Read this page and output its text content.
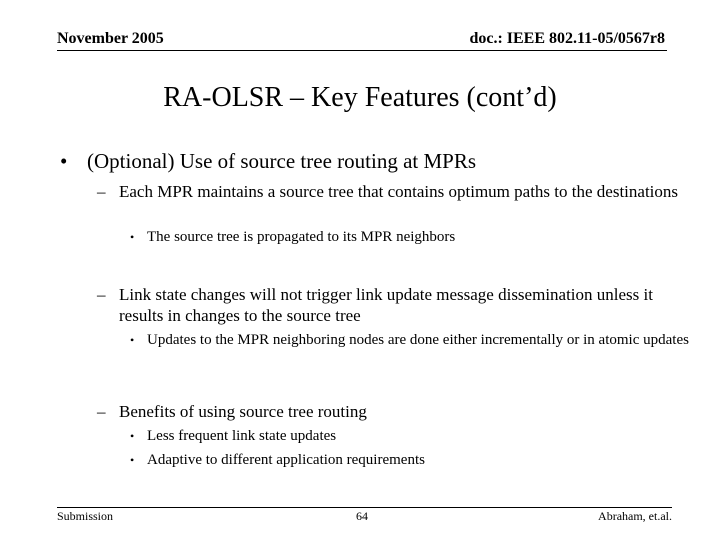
November 2005	doc.: IEEE 802.11-05/0567r8
RA-OLSR – Key Features (cont’d)
• (Optional) Use of source tree routing at MPRs
– Each MPR maintains a source tree that contains optimum paths to the destinations
• The source tree is propagated to its MPR neighbors
– Link state changes will not trigger link update message dissemination unless it results in changes to the source tree
• Updates to the MPR neighboring nodes are done either incrementally or in atomic updates
– Benefits of using source tree routing
• Less frequent link state updates
• Adaptive to different application requirements
Submission	64	Abraham, et.al.
